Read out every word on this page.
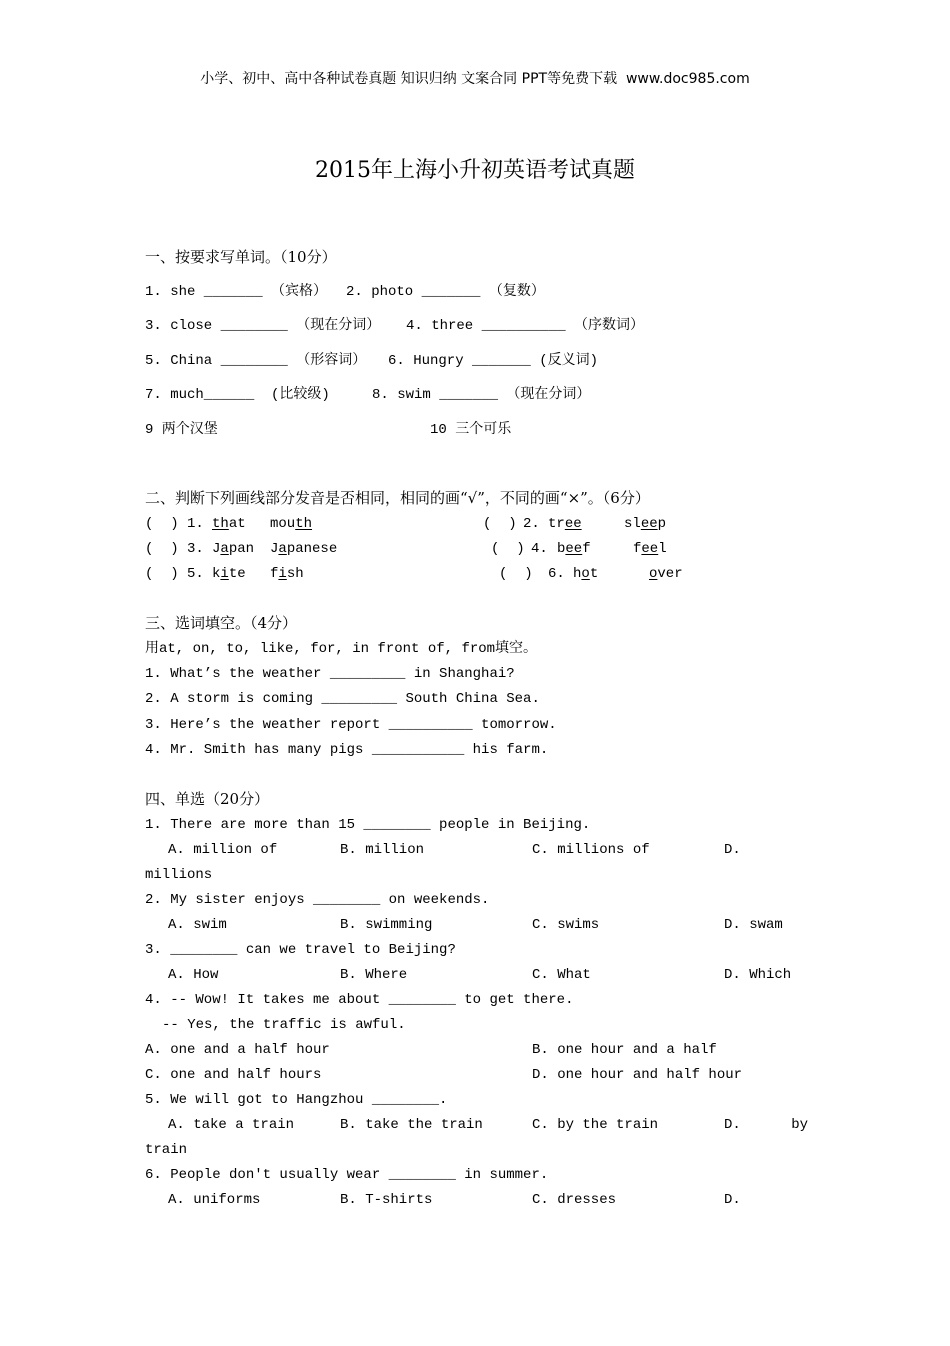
小学、初中、高中各种试卷真题 知识归纳 文案合同 PPT等免费下载  www.doc985.com
2015年上海小升初英语考试真题
一、按要求写单词。（10分）
1. she _______ （宾格） 2. photo _______ （复数）
3. close ________ （现在分词） 4. three __________ （序数词）
5. China ________ （形容词） 6. Hungry _______ (反义词)
7. much______  (比较级)	8. swim _______ （现在分词）
9 两个汉堡	10 三个可乐
二、判断下列画线部分发音是否相同，相同的画“√”，不同的画“×”。（6分）
(  ) 1. that mouth	(  ) 2. tree	sleep
(  ) 3. Japan Japanese	(  ) 4. beef	feel
(  ) 5. kite fish	(  ) 6. hot	over
三、选词填空。（4分）
用at, on, to, like, for, in front of, from填空。
1. What’s the weather _________ in Shanghai?
2. A storm is coming _________ South China Sea.
3. Here’s the weather report __________ tomorrow.
4. Mr. Smith has many pigs ___________ his farm.
四、单选（20分）
1. There are more than 15 ________ people in Beijing.
A. million of	B. million	C. millions of	D.
millions
2. My sister enjoys ________ on weekends.
A. swim	B. swimming	C. swims	D. swam
3. ________ can we travel to Beijing?
A. How	B. Where	C. What	D. Which
4. -- Wow! It takes me about ________ to get there.
-- Yes, the traffic is awful.
A. one and a half hour	B. one hour and a half
C. one and half hours	D. one hour and half hour
5. We will got to Hangzhou ________.
A. take a train	B. take the train	C. by the train	D.      by
train
6. People don't usually wear ________ in summer.
A. uniforms	B. T-shirts	C. dresses	D.
